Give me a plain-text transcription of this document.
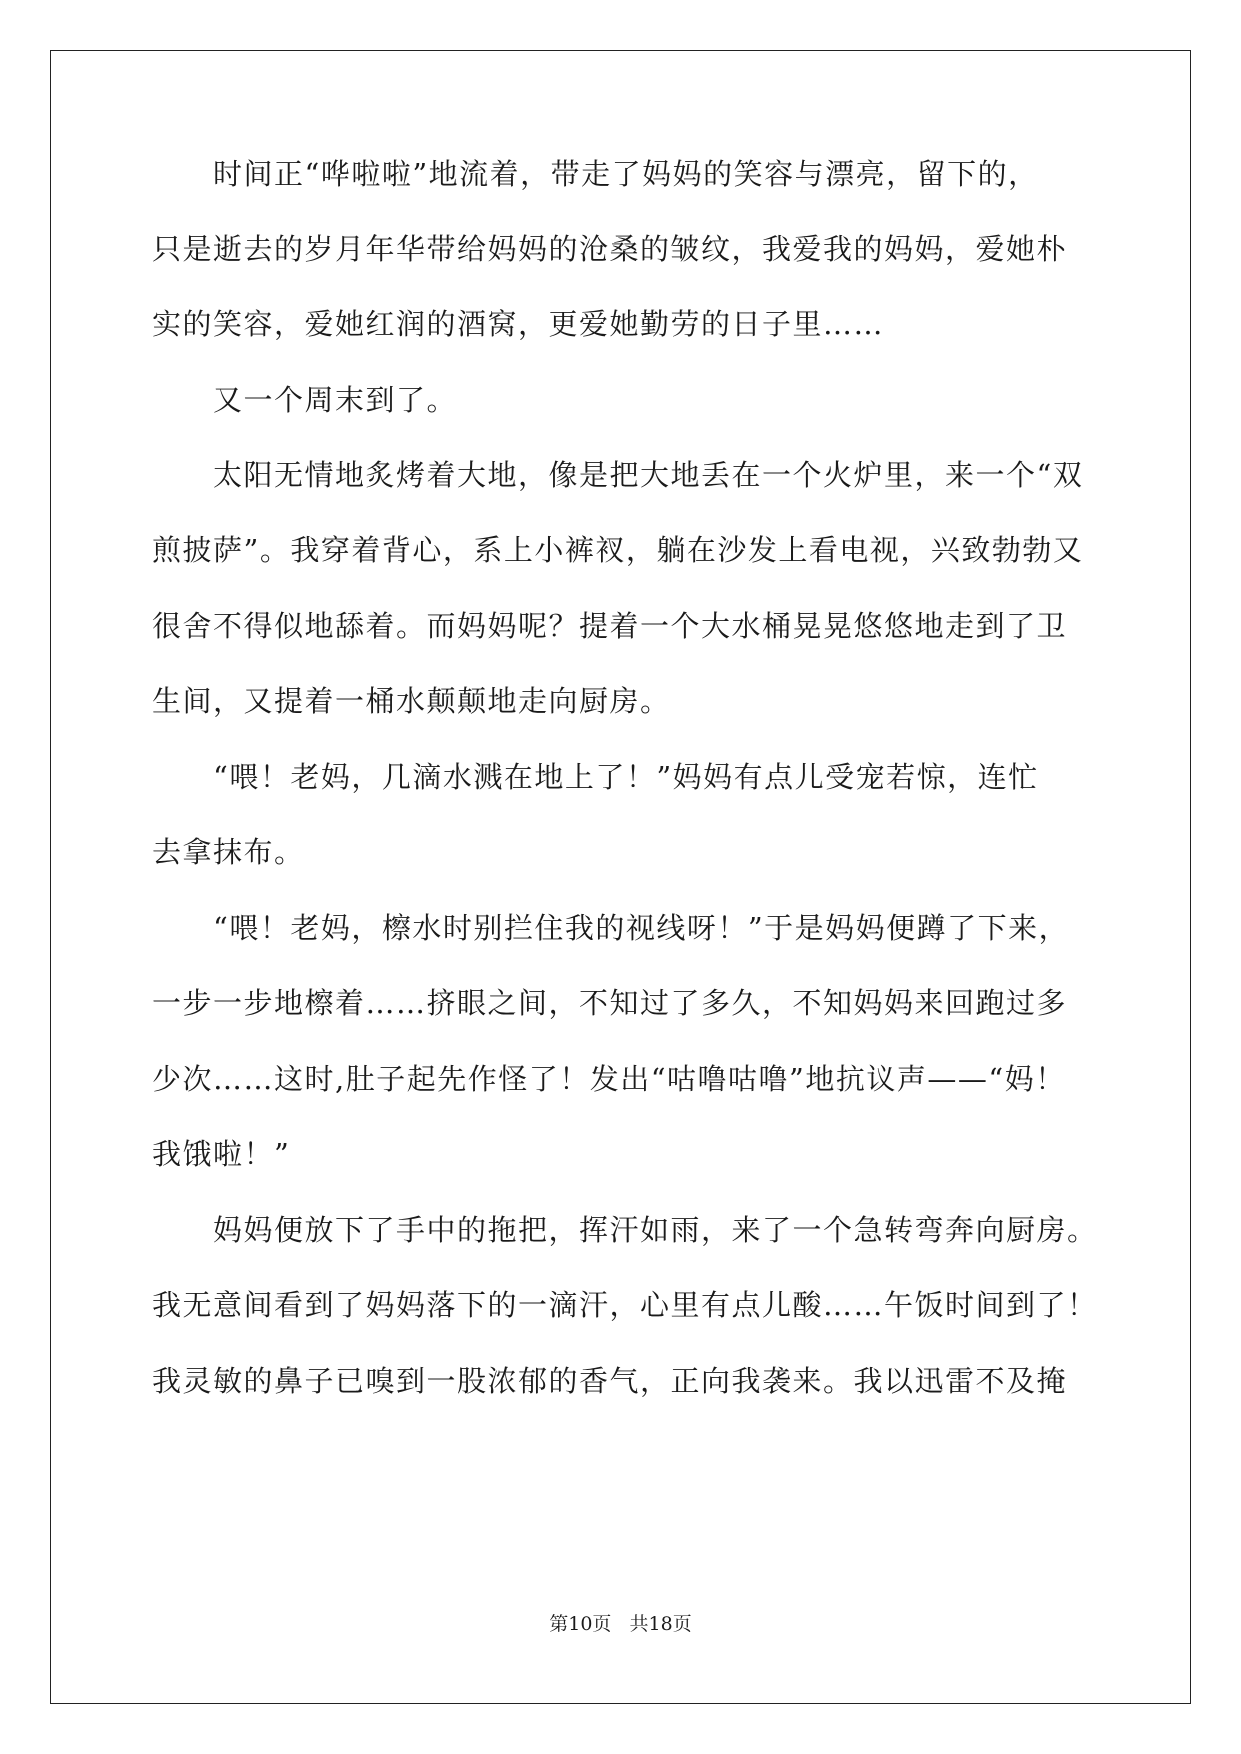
时间正“哗啦啦”地流着，带走了妈妈的笑容与漂亮，留下的，
只是逝去的岁月年华带给妈妈的沧桑的皱纹，我爱我的妈妈，爱她朴
实的笑容，爱她红润的酒窝，更爱她勤劳的日子里……
又一个周末到了。
太阳无情地炙烤着大地，像是把大地丢在一个火炉里，来一个“双
煎披萨”。我穿着背心，系上小裤衩，躺在沙发上看电视，兴致勃勃又
很舍不得似地舔着。而妈妈呢？提着一个大水桶晃晃悠悠地走到了卫
生间，又提着一桶水颠颠地走向厨房。
“喂！老妈，几滴水溅在地上了！”妈妈有点儿受宠若惊，连忙
去拿抹布。
“喂！老妈，檫水时别拦住我的视线呀！”于是妈妈便蹲了下来，
一步一步地檫着……挤眼之间，不知过了多久，不知妈妈来回跑过多
少次……这时,肚子起先作怪了！发出“咕噜咕噜”地抗议声——“妈！
我饿啦！”
妈妈便放下了手中的拖把，挥汗如雨，来了一个急转弯奔向厨房。
我无意间看到了妈妈落下的一滴汗，心里有点儿酸……午饭时间到了！
我灵敏的鼻子已嗅到一股浓郁的香气，正向我袭来。我以迅雷不及掩
第10页   共18页
